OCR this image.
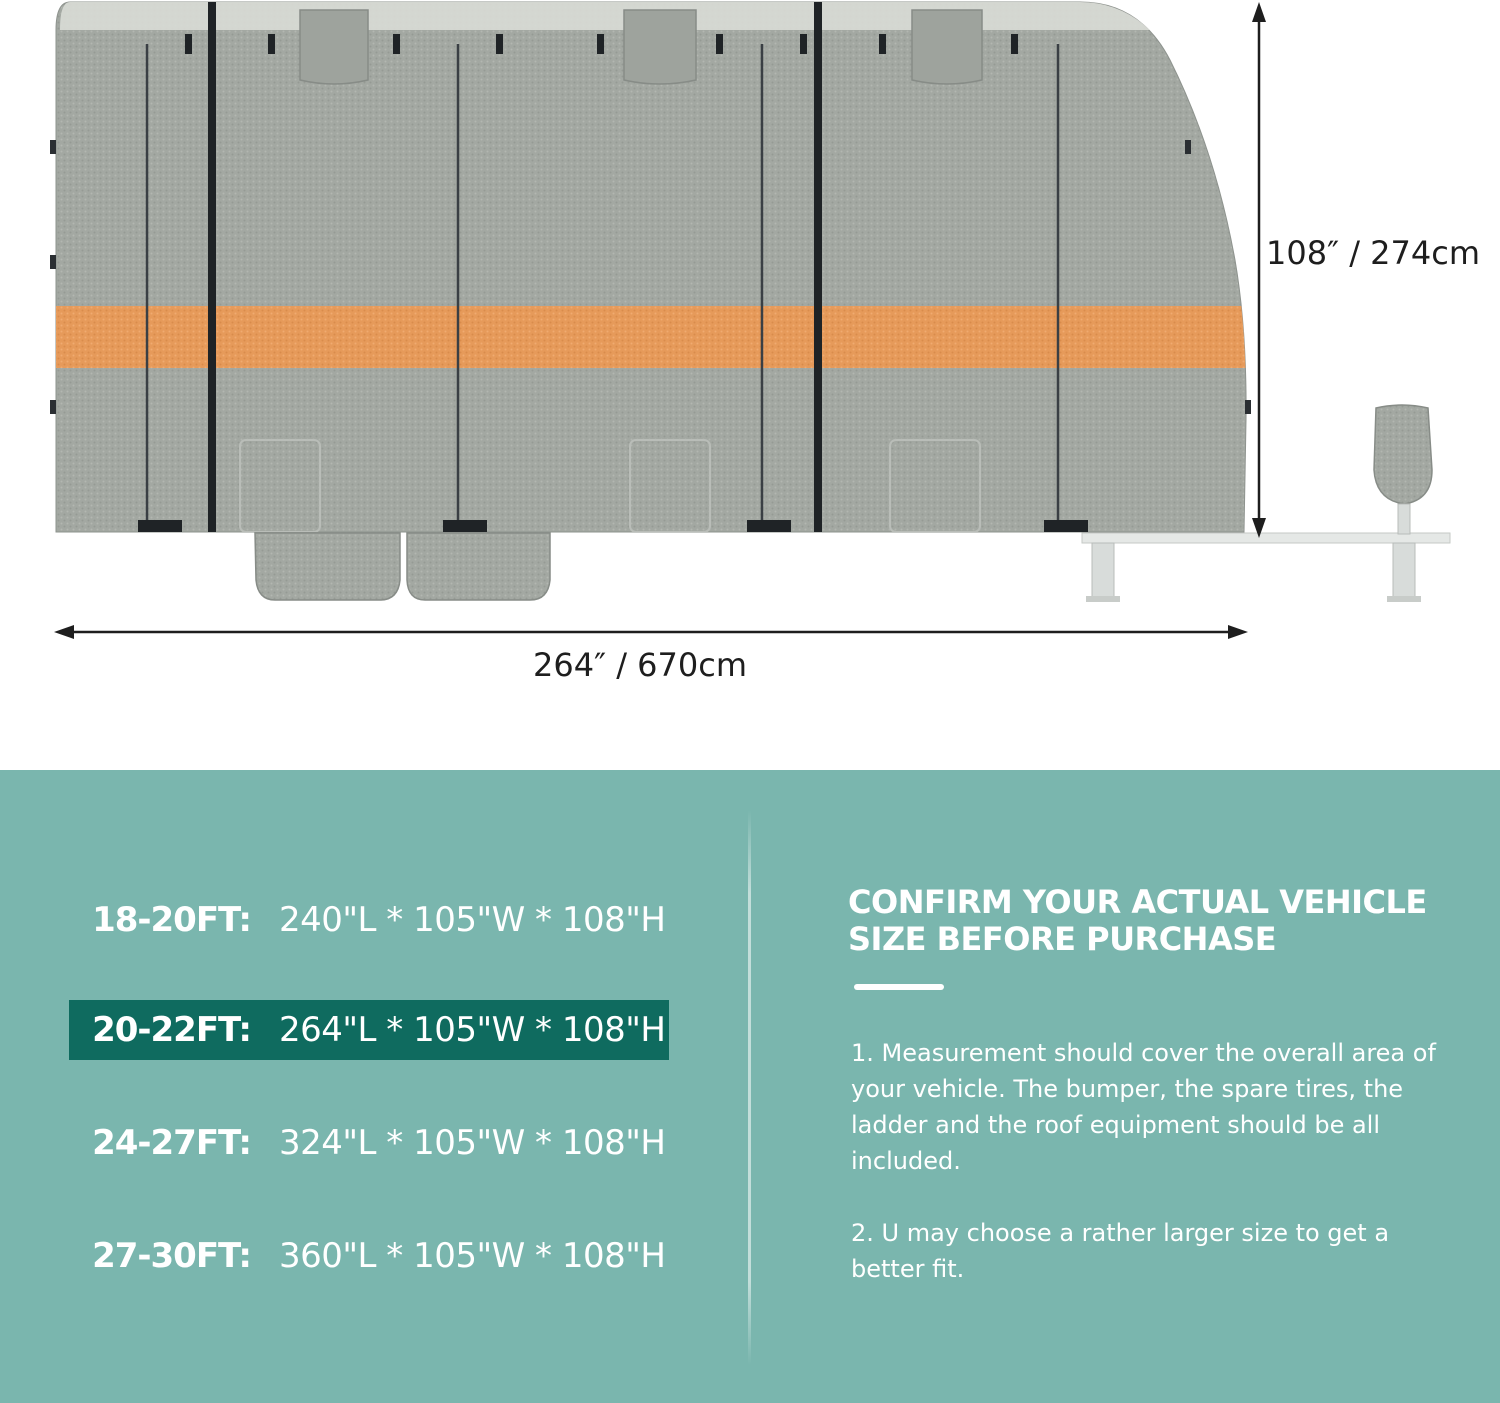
108″ / 274cm
264″ / 670cm
18-20FT: 240"L * 105"W * 108"H
20-22FT: 264"L * 105"W * 108"H
24-27FT: 324"L * 105"W * 108"H
27-30FT: 360"L * 105"W * 108"H
CONFIRM YOUR ACTUAL VEHICLE SIZE BEFORE PURCHASE
1. Measurement should cover the overall area of your vehicle. The bumper, the spare tires, the ladder and the roof equipment should be all included.
2. U may choose a rather larger size to get a better fit.
